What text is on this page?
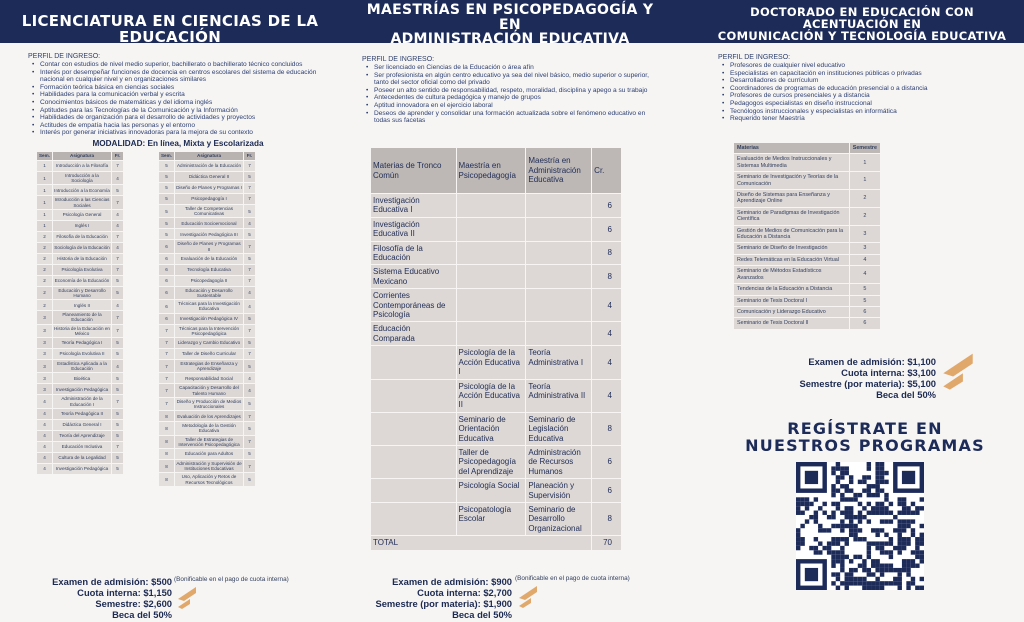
LICENCIATURA EN CIENCIAS DE LA EDUCACIÓN
MAESTRÍAS EN PSICOPEDAGOGÍA Y EN
ADMINISTRACIÓN EDUCATIVA
DOCTORADO EN EDUCACIÓN CON ACENTUACIÓN EN
COMUNICACIÓN Y TECNOLOGÍA EDUCATIVA
PERFIL DE INGRESO:
• Contar con estudios de nivel medio superior, bachillerato o bachillerato técnico concluidos
• Interés por desempeñar funciones de docencia en centros escolares del sistema de educación nacional en cualquier nivel y en organizaciones similares
• Formación teórica básica en ciencias sociales
• Habilidades para la comunicación verbal y escrita
• Conocimientos básicos de matemáticas y del idioma inglés
• Aptitudes para las Tecnologías de la Comunicación y la Información
• Habilidades de organización para el desarrollo de actividades y proyectos
• Actitudes de empatía hacia las personas y el entorno
• Interés por generar iniciativas innovadoras para la mejora de su contexto
MODALIDAD: En línea, Mixta y Escolarizada
Sem.	Asignatura	Fr.
1	Introducción a la Filosofía	7
1	Introducción a la Sociología	4
1	Introducción a la Economía	5
1	Introducción a las Ciencias Sociales	7
1	Psicología General	4
1	Inglés I	4
2	Filosofía de la Educación	7
2	Sociología de la Educación	4
2	Historia de la Educación	7
2	Psicología Evolutiva	7
2	Economía de la Educación	5
2	Educación y Desarrollo Humano	5
2	Inglés II	4
3	Planeamiento de la Educación	7
3	Historia de la Educación en México	7
3	Teoría Pedagógica I	5
3	Psicología Evolutiva II	5
3	Estadística Aplicada a la Educación	4
3	Bioética	5
3	Investigación Pedagógica	5
4	Administración de la Educación I	7
4	Teoría Pedagógica II	5
4	Didáctica General I	5
4	Teoría del Aprendizaje	5
4	Educación Inclusiva	7
4	Cultura de la Legalidad	5
4	Investigación Pedagógica	5
Sem.	Asignatura	Fr.
5	Administración de la Educación	7
5	Didáctica General II	5
5	Diseño de Planes y Programas I	7
5	Psicopedagogía I	7
5	Taller de Competencias Comunicativas	5
5	Educación Socioemocional	4
5	Investigación Pedagógica III	5
6	Diseño de Planes y Programas II	7
6	Evaluación de la Educación	5
6	Tecnología Educativa	7
6	Psicopedagogía II	7
6	Educación y Desarrollo Sustentable	4
6	Técnicas para la Investigación Educativa	4
6	Investigación Pedagógica IV	5
7	Técnicas para la Intervención Psicopedagógica	7
7	Liderazgo y Cambio Educativo	5
7	Taller de Diseño Curricular	7
7	Estrategias de Enseñanza y Aprendizaje	5
7	Responsabilidad Social	4
7	Capacitación y Desarrollo del Talento Humano	4
7	Diseño y Producción de Medios Instruccionales	5
8	Evaluación de los Aprendizajes	7
8	Metodología de la Gestión Educativa	5
8	Taller de Estrategias de Intervención Psicopedagógica	7
8	Educación para Adultos	5
8	Administración y Supervisión de Instituciones Educativas	7
8	Uso, Aplicación y Retos de Recursos Tecnológicos	5
Examen de admisión: $500
Cuota interna: $1,150
Semestre: $2,600
Beca del 50%
(Bonificable en el pago de cuota interna)
PERFIL DE INGRESO:
• Ser licenciado en Ciencias de la Educación o área afín
• Ser profesionista en algún centro educativo ya sea del nivel básico, medio superior o superior, tanto del sector oficial como del privado
• Poseer un alto sentido de responsabilidad, respeto, moralidad, disciplina y apego a su trabajo
• Antecedentes de cultura pedagógica y manejo de grupos
• Aptitud innovadora en el ejercicio laboral
• Deseos de aprender y consolidar una formación actualizada sobre el fenómeno educativo en todas sus facetas
Materias de Tronco Común	Maestría en Psicopedagogía	Maestría en Administración Educativa	Cr.
Investigación Educativa I			6
Investigación Educativa II			6
Filosofía de la Educación			8
Sistema Educativo Mexicano			8
Corrientes Contemporáneas de Psicología			4
Educación Comparada			4
	Psicología de la Acción Educativa I	Teoría Administrativa I	4
	Psicología de la Acción Educativa II	Teoría Administrativa II	4
	Seminario de Orientación Educativa	Seminario de Legislación Educativa	8
	Taller de Psicopedagogía del Aprendizaje	Administración de Recursos Humanos	6
	Psicología Social	Planeación y Supervisión	6
	Psicopatología Escolar	Seminario de Desarrollo Organizacional	8
TOTAL			70
Examen de admisión: $900
Cuota interna: $2,700
Semestre (por materia): $1,900
Beca del 50%
(Bonificable en el pago de cuota interna)
PERFIL DE INGRESO:
• Profesores de cualquier nivel educativo
• Especialistas en capacitación en instituciones públicas o privadas
• Desarrolladores de currículum
• Coordinadores de programas de educación presencial o a distancia
• Profesores de cursos presenciales y a distancia
• Pedagogos especialistas en diseño instruccional
• Tecnólogos instruccionales y especialistas en informática
• Requerido tener Maestría
Materias	Semestre
Evaluación de Medios Instruccionales y Sistemas Multimedia	1
Seminario de Investigación y Teorías de la Comunicación	1
Diseño de Sistemas para Enseñanza y Aprendizaje Online	2
Seminario de Paradigmas de Investigación Científica	2
Gestión de Medios de Comunicación para la Educación a Distancia	3
Seminario de Diseño de Investigación	3
Redes Telemáticas en la Educación Virtual	4
Seminario de Métodos Estadísticos Avanzados	4
Tendencias de la Educación a Distancia	5
Seminario de Tesis Doctoral I	5
Comunicación y Liderazgo Educativo	6
Seminario de Tesis Doctoral II	6
Examen de admisión: $1,100
Cuota interna: $3,100
Semestre (por materia): $5,100
Beca del 50%
REGÍSTRATE EN
NUESTROS PROGRAMAS
